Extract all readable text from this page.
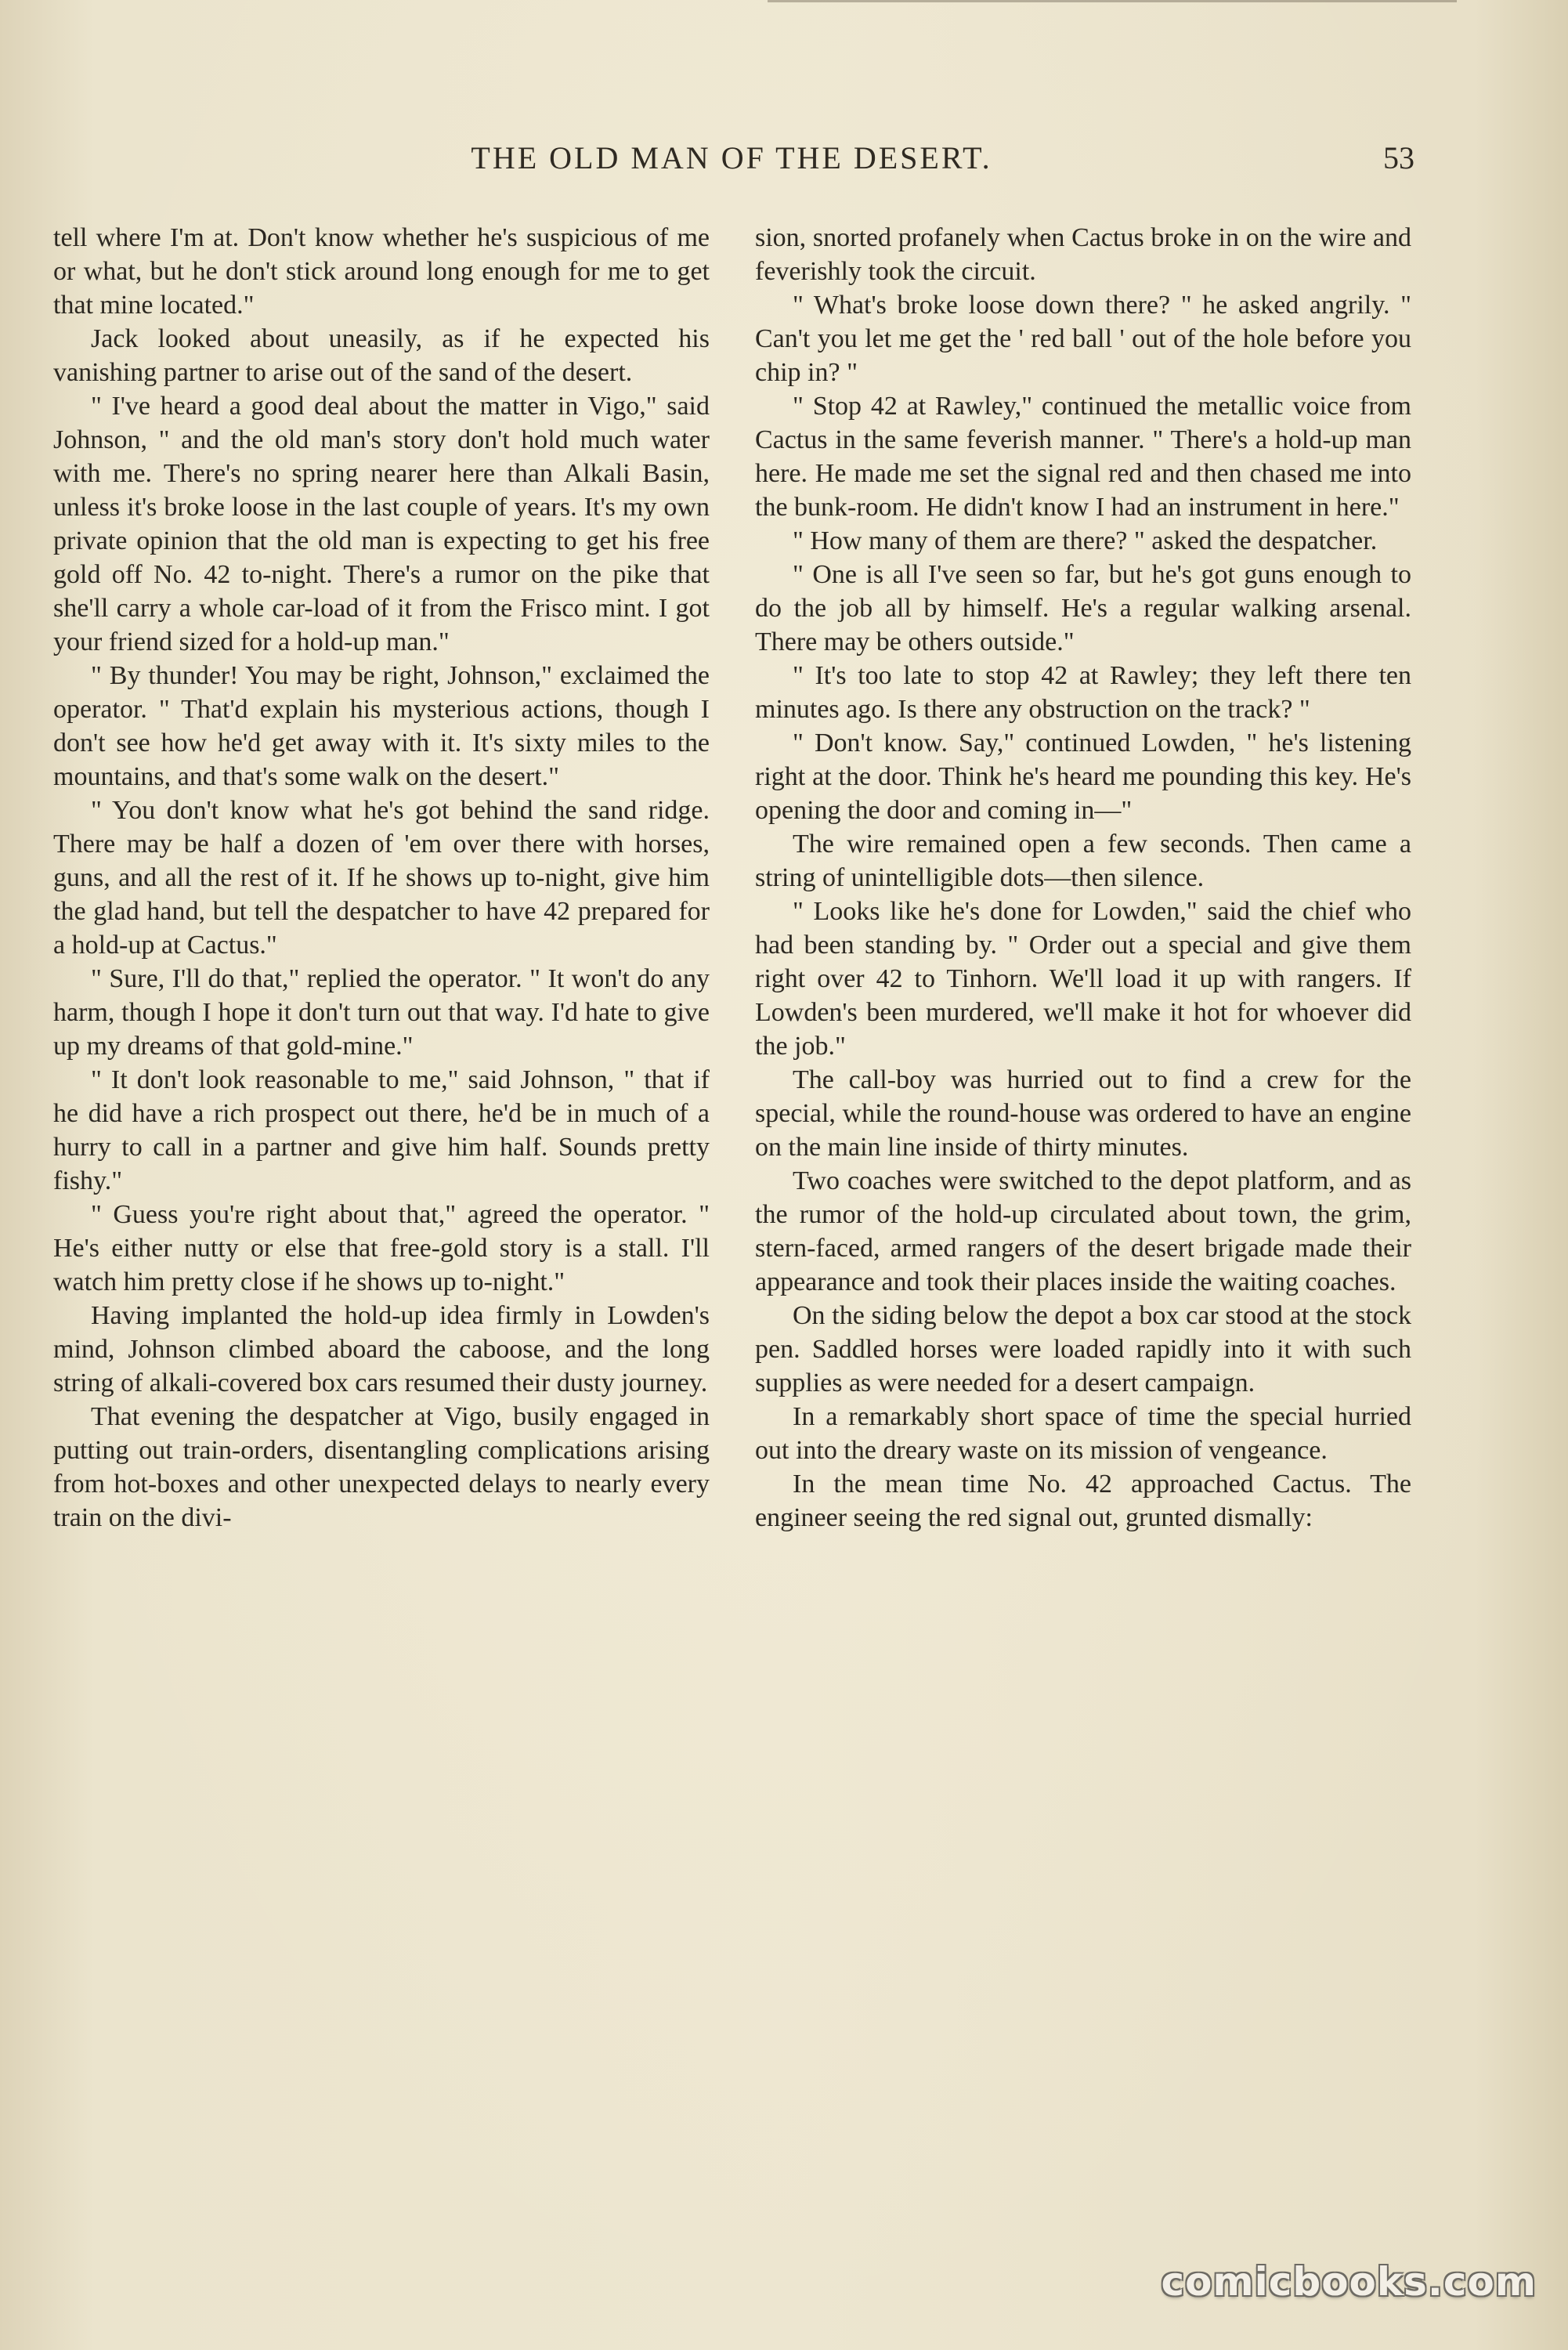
THE OLD MAN OF THE DESERT.	53

tell where I'm at. Don't know whether he's suspicious of me or what, but he don't stick around long enough for me to get that mine located."

Jack looked about uneasily, as if he expected his vanishing partner to arise out of the sand of the desert.

" I've heard a good deal about the matter in Vigo," said Johnson, " and the old man's story don't hold much water with me. There's no spring nearer here than Alkali Basin, unless it's broke loose in the last couple of years. It's my own private opinion that the old man is expecting to get his free gold off No. 42 to-night. There's a rumor on the pike that she'll carry a whole car-load of it from the Frisco mint. I got your friend sized for a hold-up man."

" By thunder! You may be right, Johnson," exclaimed the operator. " That'd explain his mysterious actions, though I don't see how he'd get away with it. It's sixty miles to the mountains, and that's some walk on the desert."

" You don't know what he's got behind the sand ridge. There may be half a dozen of 'em over there with horses, guns, and all the rest of it. If he shows up to-night, give him the glad hand, but tell the despatcher to have 42 prepared for a hold-up at Cactus."

" Sure, I'll do that," replied the operator. " It won't do any harm, though I hope it don't turn out that way. I'd hate to give up my dreams of that gold-mine."

" It don't look reasonable to me," said Johnson, " that if he did have a rich prospect out there, he'd be in much of a hurry to call in a partner and give him half. Sounds pretty fishy."

" Guess you're right about that," agreed the operator. " He's either nutty or else that free-gold story is a stall. I'll watch him pretty close if he shows up to-night."

Having implanted the hold-up idea firmly in Lowden's mind, Johnson climbed aboard the caboose, and the long string of alkali-covered box cars resumed their dusty journey.

That evening the despatcher at Vigo, busily engaged in putting out train-orders, disentangling complications arising from hot-boxes and other unexpected delays to nearly every train on the divi-

sion, snorted profanely when Cactus broke in on the wire and feverishly took the circuit.

" What's broke loose down there? " he asked angrily. " Can't you let me get the ' red ball ' out of the hole before you chip in? "

" Stop 42 at Rawley," continued the metallic voice from Cactus in the same feverish manner. " There's a hold-up man here. He made me set the signal red and then chased me into the bunk-room. He didn't know I had an instrument in here."

" How many of them are there? " asked the despatcher.

" One is all I've seen so far, but he's got guns enough to do the job all by himself. He's a regular walking arsenal. There may be others outside."

" It's too late to stop 42 at Rawley; they left there ten minutes ago. Is there any obstruction on the track? "

" Don't know. Say," continued Lowden, " he's listening right at the door. Think he's heard me pounding this key. He's opening the door and coming in—"

The wire remained open a few seconds. Then came a string of unintelligible dots—then silence.

" Looks like he's done for Lowden," said the chief who had been standing by. " Order out a special and give them right over 42 to Tinhorn. We'll load it up with rangers. If Lowden's been murdered, we'll make it hot for whoever did the job."

The call-boy was hurried out to find a crew for the special, while the round-house was ordered to have an engine on the main line inside of thirty minutes.

Two coaches were switched to the depot platform, and as the rumor of the hold-up circulated about town, the grim, stern-faced, armed rangers of the desert brigade made their appearance and took their places inside the waiting coaches.

On the siding below the depot a box car stood at the stock pen. Saddled horses were loaded rapidly into it with such supplies as were needed for a desert campaign.

In a remarkably short space of time the special hurried out into the dreary waste on its mission of vengeance.

In the mean time No. 42 approached Cactus. The engineer seeing the red signal out, grunted dismally:

comicbooks.com
